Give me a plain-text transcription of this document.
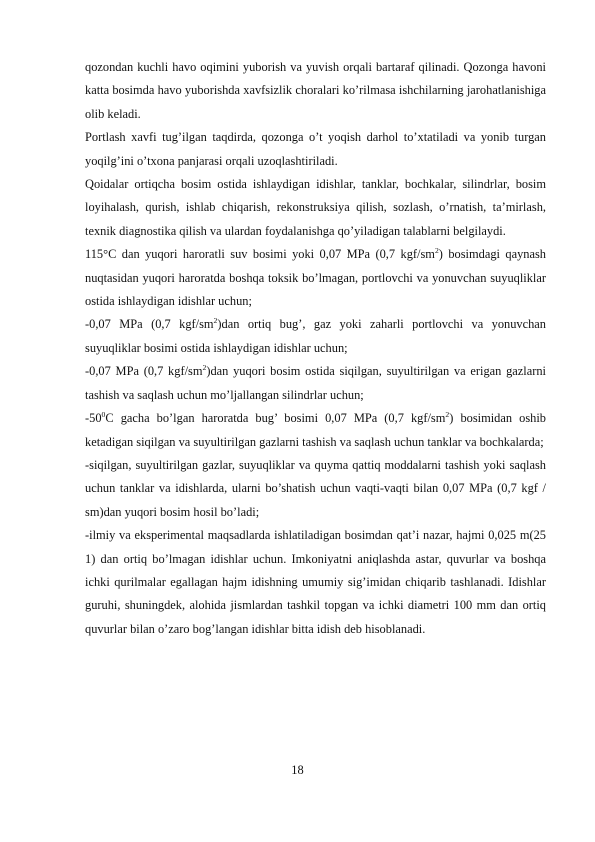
qozondan kuchli havo oqimini yuborish va yuvish orqali bartaraf qilinadi. Qozonga havoni katta bosimda havo yuborishda xavfsizlik choralari ko’rilmasa ishchilarning jarohatlanishiga olib keladi.

Portlash xavfi tug’ilgan taqdirda, qozonga o’t yoqish darhol to’xtatiladi va yonib turgan yoqilg’ini o’txona panjarasi orqali uzoqlashtiriladi.

Qoidalar ortiqcha bosim ostida ishlaydigan idishlar, tanklar, bochkalar, silindrlar, bosim loyihalash, qurish, ishlab chiqarish, rekonstruksiya qilish, sozlash, o’rnatish, ta’mirlash, texnik diagnostika qilish va ulardan foydalanishga qo’yiladigan talablarni belgilaydi.

115°C dan yuqori haroratli suv bosimi yoki 0,07 MPa (0,7 kgf/$sm^2$) bosimdagi qaynash nuqtasidan yuqori haroratda boshqa toksik bo’lmagan, portlovchi va yonuvchan suyuqliklar ostida ishlaydigan idishlar uchun;

-0,07 MPa (0,7 kgf/$sm^2)dan$ ortiq bug’, gaz yoki zaharli portlovchi va yonuvchan suyuqliklar bosimi ostida ishlaydigan idishlar uchun;

-0,07 MPa (0,7 kgf/$sm^2)dan$ yuqori bosim ostida siqilgan, suyultirilgan va erigan gazlarni tashish va saqlash uchun mo’ljallangan silindrlar uchun;

$-50^0C$ gacha bo’lgan haroratda bug’ bosimi 0,07 MPa (0,7 kgf/$sm^2$) bosimidan oshib ketadigan siqilgan va suyultirilgan gazlarni tashish va saqlash uchun tanklar va bochkalarda;

-siqilgan, suyultirilgan gazlar, suyuqliklar va quyma qattiq moddalarni tashish yoki saqlash uchun tanklar va idishlarda, ularni bo’shatish uchun vaqti-vaqti bilan 0,07 MPa (0,7 kgf / sm)dan yuqori bosim hosil bo’ladi;

-ilmiy va eksperimental maqsadlarda ishlatiladigan bosimdan qat’i nazar, hajmi 0,025 m(25 1) dan ortiq bo’lmagan idishlar uchun. Imkoniyatni aniqlashda astar, quvurlar va boshqa ichki qurilmalar egallagan hajm idishning umumiy sig’imidan chiqarib tashlanadi. Idishlar guruhi, shuningdek, alohida jismlardan tashkil topgan va ichki diametri 100 mm dan ortiq quvurlar bilan o’zaro bog’langan idishlar bitta idish deb hisoblanadi.

18
